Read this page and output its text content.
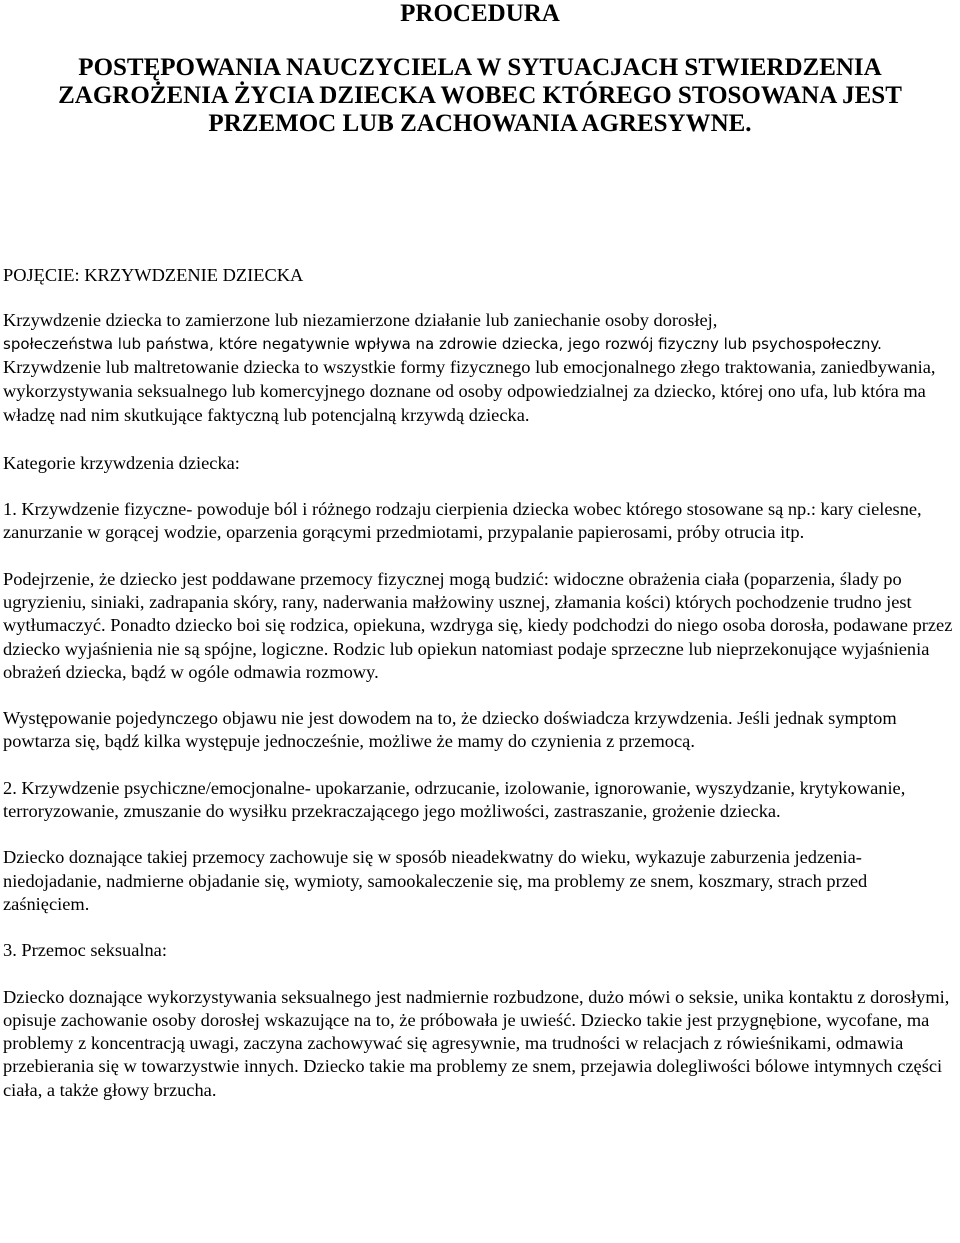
PROCEDURA
POSTĘPOWANIA NAUCZYCIELA W SYTUACJACH STWIERDZENIA
ZAGROŻENIA ŻYCIA DZIECKA WOBEC KTÓREGO STOSOWANA JEST
PRZEMOC LUB ZACHOWANIA AGRESYWNE.

POJĘCIE: KRZYWDZENIE DZIECKA

Krzywdzenie dziecka to zamierzone lub niezamierzone działanie lub zaniechanie osoby dorosłej,

społeczeństwa lub państwa, które negatywnie wpływa na zdrowie dziecka, jego rozwój fizyczny lub psychospołeczny. Krzywdzenie lub maltretowanie dziecka to wszystkie formy fizycznego lub emocjonalnego złego traktowania, zaniedbywania, wykorzystywania seksualnego lub komercyjnego doznane od osoby odpowiedzialnej za dziecko, której ono ufa, lub która ma władzę nad nim skutkujące faktyczną lub potencjalną krzywdą dziecka.

Kategorie krzywdzenia dziecka:

1. Krzywdzenie fizyczne- powoduje ból i różnego rodzaju cierpienia dziecka wobec którego stosowane są np.: kary cielesne, zanurzanie w gorącej wodzie, oparzenia gorącymi przedmiotami, przypalanie papierosami, próby otrucia itp.

Podejrzenie, że dziecko jest poddawane przemocy fizycznej mogą budzić: widoczne obrażenia ciała (poparzenia, ślady po ugryzieniu, siniaki, zadrapania skóry, rany, naderwania małżowiny usznej, złamania kości) których pochodzenie trudno jest wytłumaczyć. Ponadto dziecko boi się rodzica, opiekuna, wzdryga się, kiedy podchodzi do niego osoba dorosła, podawane przez dziecko wyjaśnienia nie są spójne, logiczne. Rodzic lub opiekun natomiast podaje sprzeczne lub nieprzekonujące wyjaśnienia obrażeń dziecka, bądź w ogóle odmawia rozmowy.

Występowanie pojedynczego objawu nie jest dowodem na to, że dziecko doświadcza krzywdzenia. Jeśli jednak symptom powtarza się, bądź kilka występuje jednocześnie, możliwe że mamy do czynienia z przemocą.

2. Krzywdzenie psychiczne/emocjonalne- upokarzanie, odrzucanie, izolowanie, ignorowanie, wyszydzanie, krytykowanie, terroryzowanie, zmuszanie do wysiłku przekraczającego jego możliwości, zastraszanie, grożenie dziecka.

Dziecko doznające takiej przemocy zachowuje się w sposób nieadekwatny do wieku, wykazuje zaburzenia jedzenia- niedojadanie, nadmierne objadanie się, wymioty, samookaleczenie się, ma problemy ze snem, koszmary, strach przed zaśnięciem.

3. Przemoc seksualna:

Dziecko doznające wykorzystywania seksualnego jest nadmiernie rozbudzone, dużo mówi o seksie, unika kontaktu z dorosłymi, opisuje zachowanie osoby dorosłej wskazujące na to, że próbowała je uwieść. Dziecko takie jest przygnębione, wycofane, ma problemy z koncentracją uwagi, zaczyna zachowywać się agresywnie, ma trudności w relacjach z rówieśnikami, odmawia przebierania się w towarzystwie innych. Dziecko takie ma problemy ze snem, przejawia dolegliwości bólowe intymnych części ciała, a także głowy brzucha.
